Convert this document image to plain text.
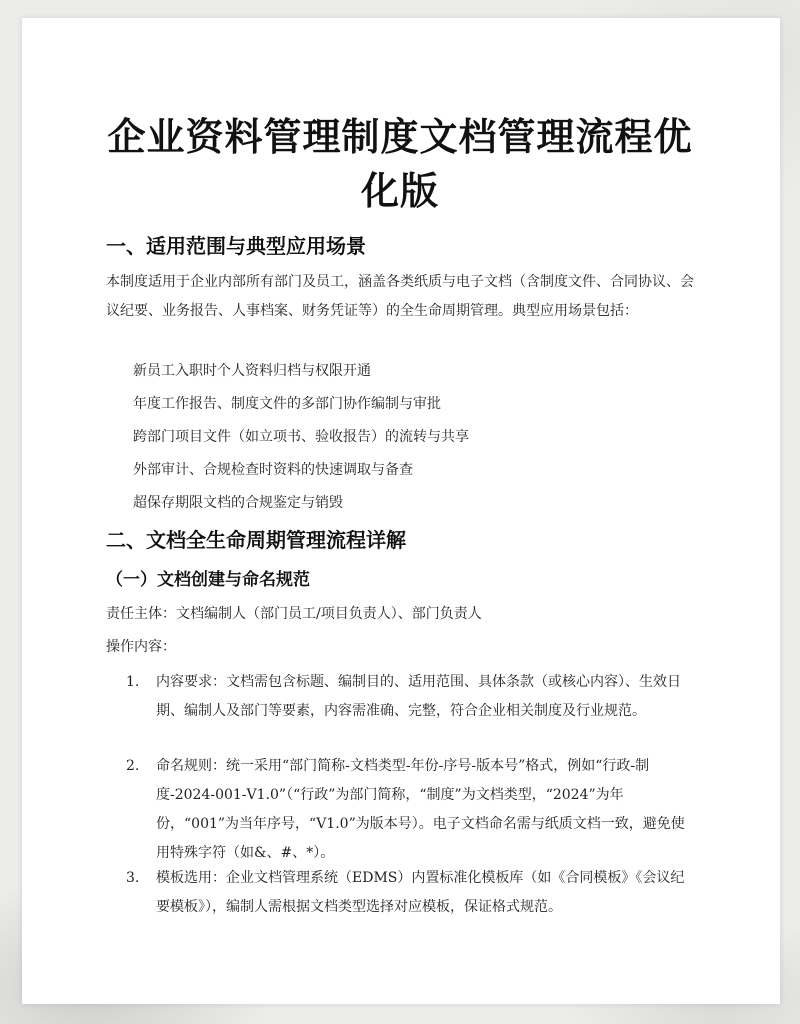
企业资料管理制度文档管理流程优化版
一、适用范围与典型应用场景
本制度适用于企业内部所有部门及员工，涵盖各类纸质与电子文档（含制度文件、合同协议、会议纪要、业务报告、人事档案、财务凭证等）的全生命周期管理。典型应用场景包括：
新员工入职时个人资料归档与权限开通
年度工作报告、制度文件的多部门协作编制与审批
跨部门项目文件（如立项书、验收报告）的流转与共享
外部审计、合规检查时资料的快速调取与备查
超保存期限文档的合规鉴定与销毁
二、文档全生命周期管理流程详解
（一）文档创建与命名规范
责任主体：文档编制人（部门员工/项目负责人）、部门负责人
操作内容：
1.	内容要求：文档需包含标题、编制目的、适用范围、具体条款（或核心内容）、生效日期、编制人及部门等要素，内容需准确、完整，符合企业相关制度及行业规范。
2.	命名规则：统一采用“部门简称-文档类型-年份-序号-版本号”格式，例如“行政-制度-2024-001-V1.0”（“行政”为部门简称，“制度”为文档类型，“2024”为年份，“001”为当年序号，“V1.0”为版本号）。电子文档命名需与纸质文档一致，避免使用特殊字符（如&、#、*）。
3.	模板选用：企业文档管理系统（EDMS）内置标准化模板库（如《合同模板》《会议纪要模板》），编制人需根据文档类型选择对应模板，保证格式规范。
